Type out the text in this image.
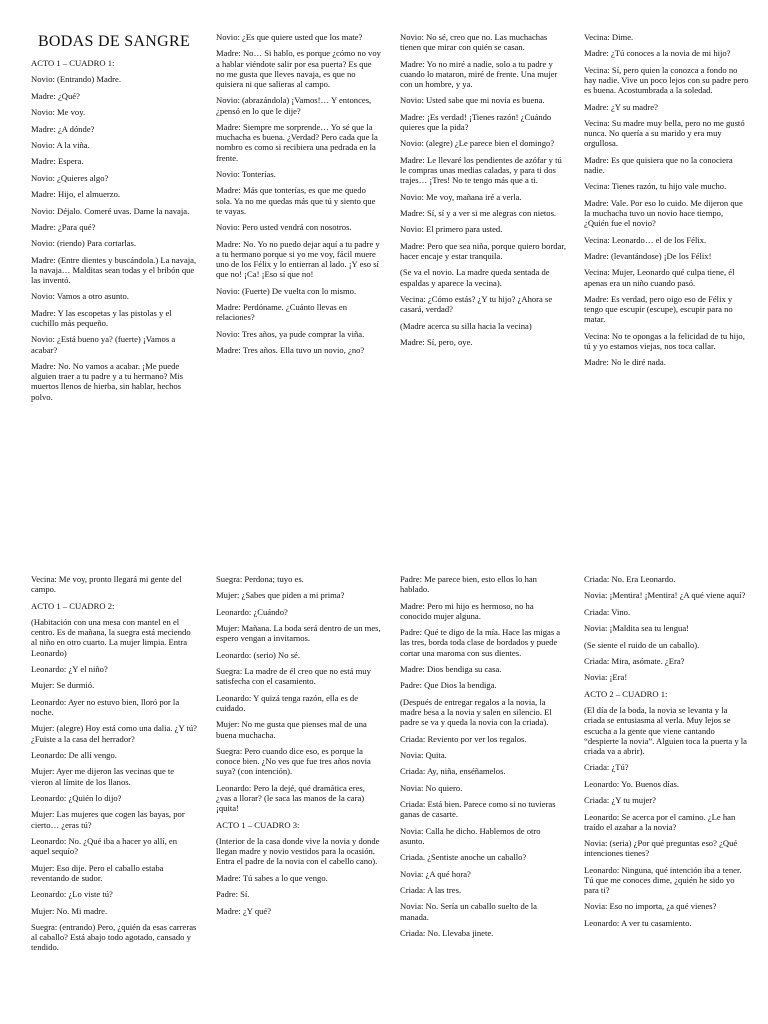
BODAS DE SANGRE

ACTO 1 – CUADRO 1:

Novio: (Entrando) Madre.

Madre: ¿Qué?

Novio: Me voy.

Madre: ¿A dónde?

Novio: A la viña.

Madre: Espera.

Novio: ¿Quieres algo?

Madre: Hijo, el almuerzo.

Novio: Déjalo. Comeré uvas. Dame la navaja.

Madre: ¿Para qué?

Novio: (riendo) Para cortarlas.

Madre: (Entre dientes y buscándola.) La navaja, la navaja… Malditas sean todas y el bribón que las inventó.

Novio: Vamos a otro asunto.

Madre: Y las escopetas y las pistolas y el cuchillo más pequeño.

Novio: ¿Está bueno ya? (fuerte) ¡Vamos a acabar?

Madre: No. No vamos a acabar. ¡Me puede alguien traer a tu padre y a tu hermano? Mis muertos llenos de hierba, sin hablar, hechos polvo.

Novio: ¿Es que quiere usted que los mate?

Madre: No… Si hablo, es porque ¿cómo no voy a hablar viéndote salir por esa puerta? Es que no me gusta que lleves navaja, es que no quisiera ni que salieras al campo.

Novio: (abrazándola) ¡Vamos!… Y entonces, ¿pensó en lo que le dije?

Madre: Siempre me sorprende… Yo sé que la muchacha es buena. ¿Verdad? Pero cada que la nombro es como si recibiera una pedrada en la frente.

Novio: Tonterías.

Madre: Más que tonterías, es que me quedo sola. Ya no me quedas más que tú y siento que te vayas.

Novio: Pero usted vendrá con nosotros.

Madre: No. Yo no puedo dejar aquí a tu padre y a tu hermano porque si yo me voy, fácil muere uno de los Félix y lo entierran al lado. ¡Y eso sí que no! ¡Ca! ¡Eso sí que no!

Novio: (Fuerte) De vuelta con lo mismo.

Madre: Perdóname. ¿Cuánto llevas en relaciones?

Novio: Tres años, ya pude comprar la viña.

Madre: Tres años. Ella tuvo un novio, ¿no?

Novio: No sé, creo que no. Las muchachas tienen que mirar con quién se casan.

Madre: Yo no miré a nadie, solo a tu padre y cuando lo mataron, miré de frente. Una mujer con un hombre, y ya.

Novio: Usted sabe que mi novia es buena.

Madre: ¡Es verdad! ¡Tienes razón! ¿Cuándo quieres que la pida?

Novio: (alegre) ¿Le parece bien el domingo?

Madre: Le llevaré los pendientes de azófar y tú le compras unas medias caladas, y para ti dos trajes… ¡Tres! No te tengo más que a ti.

Novio: Me voy, mañana iré a verla.

Madre: Sí, sí y a ver si me alegras con nietos.

Novio: El primero para usted.

Madre: Pero que sea niña, porque quiero bordar, hacer encaje y estar tranquila.

(Se va el novio. La madre queda sentada de espaldas y aparece la vecina).

Vecina: ¿Cómo estás? ¿Y tu hijo? ¿Ahora se casará, verdad?

(Madre acerca su silla hacia la vecina)

Madre: Sí, pero, oye.

Vecina: Dime.

Madre: ¿Tú conoces a la novia de mi hijo?

Vecina: Sí, pero quien la conozca a fondo no hay nadie. Vive un poco lejos con su padre pero es buena. Acostumbrada a la soledad.

Madre: ¿Y su madre?

Vecina: Su madre muy bella, pero no me gustó nunca. No quería a su marido y era muy orgullosa.

Madre: Es que quisiera que no la conociera nadie.

Vecina: Tienes razón, tu hijo vale mucho.

Madre: Vale. Por eso lo cuido. Me dijeron que la muchacha tuvo un novio hace tiempo, ¿Quién fue el novio?

Vecina: Leonardo… el de los Félix.

Madre: (levantándose) ¡De los Félix!

Vecina: Mujer, Leonardo qué culpa tiene, él apenas era un niño cuando pasó.

Madre: Es verdad, pero oigo eso de Félix y tengo que escupir (escupe), escupir para no matar.

Vecina: No te opongas a la felicidad de tu hijo, tú y yo estamos viejas, nos toca callar.

Madre: No le diré nada.

Vecina: Me voy, pronto llegará mi gente del campo.

ACTO 1 – CUADRO 2:

(Habitación con una mesa con mantel en el centro. Es de mañana, la suegra está meciendo al niño en otro cuarto. La mujer limpia. Entra Leonardo)

Leonardo: ¿Y el niño?

Mujer: Se durmió.

Leonardo: Ayer no estuvo bien, lloró por la noche.

Mujer: (alegre) Hoy está como una dalia. ¿Y tú? ¿Fuiste a la casa del herrador?

Leonardo: De allí vengo.

Mujer: Ayer me dijeron las vecinas que te vieron al límite de los llanos.

Leonardo: ¿Quién lo dijo?

Mujer: Las mujeres que cogen las bayas, por cierto… ¿eras tú?

Leonardo: No. ¿Qué iba a hacer yo allí, en aquel sequío?

Mujer: Eso dije. Pero el caballo estaba reventando de sudor.

Leonardo: ¿Lo viste tú?

Mujer: No. Mi madre.

Suegra: (entrando) Pero, ¿quién da esas carreras al caballo? Está abajo todo agotado, cansado y tendido.

Suegra: Perdona; tuyo es.

Mujer: ¿Sabes que piden a mi prima?

Leonardo: ¿Cuándo?

Mujer: Mañana. La boda será dentro de un mes, espero vengan a invitarnos.

Leonardo: (serio) No sé.

Suegra: La madre de él creo que no está muy satisfecha con el casamiento.

Leonardo: Y quizá tenga razón, ella es de cuidado.

Mujer: No me gusta que pienses mal de una buena muchacha.

Suegra: Pero cuando dice eso, es porque la conoce bien. ¿No ves que fue tres años novia suya? (con intención).

Leonardo: Pero la dejé, qué dramática eres, ¿vas a llorar? (le saca las manos de la cara) ¡quita!

ACTO 1 – CUADRO 3:

(Interior de la casa donde vive la novia y donde llegan madre y novio vestidos para la ocasión. Entra el padre de la novia con el cabello cano).

Madre: Tú sabes a lo que vengo.

Padre: Sí.

Madre: ¿Y qué?

Padre: Me parece bien, esto ellos lo han hablado.

Madre: Pero mi hijo es hermoso, no ha conocido mujer alguna.

Padre: Qué te digo de la mía. Hace las migas a las tres, borda toda clase de bordados y puede cortar una maroma con sus dientes.

Madre: Dios bendiga su casa.

Padre: Que Dios la bendiga.

(Después de entregar regalos a la novia, la madre besa a la novia y salen en silencio. El padre se va y queda la novia con la criada).

Criada: Reviento por ver los regalos.

Novia: Quita.

Criada: Ay, niña, enséñamelos.

Novia: No quiero.

Criada: Está bien. Parece como si no tuvieras ganas de casarte.

Novia: Calla he dicho. Hablemos de otro asunto.

Criada. ¿Sentiste anoche un caballo?

Novia: ¿A qué hora?

Criada: A las tres.

Novia: No. Sería un caballo suelto de la manada.

Criada: No. Llevaba jinete.

Criada: No. Era Leonardo.

Novia: ¡Mentira! ¡Mentira! ¿A qué viene aquí?

Criada: Vino.

Novia: ¡Maldita sea tu lengua!

(Se siente el ruido de un caballo).

Criada: Mira, asómate. ¿Era?

Novia: ¡Era!

ACTO 2 – CUADRO 1:

(El día de la boda, la novia se levanta y la criada se entusiasma al verla. Muy lejos se escucha a la gente que viene cantando “despierte la novia”. Alguien toca la puerta y la criada va a abrir).

Criada: ¿Tú?

Leonardo: Yo. Buenos días.

Criada: ¿Y tu mujer?

Leonardo: Se acerca por el camino. ¿Le han traído el azahar a la novia?

Novia: (seria) ¿Por qué preguntas eso? ¿Qué intenciones tienes?

Leonardo: Ninguna, qué intención iba a tener. Tú que me conoces dime, ¿quién he sido yo para ti?

Novia: Eso no importa, ¿a qué vienes?

Leonardo: A ver tu casamiento.
